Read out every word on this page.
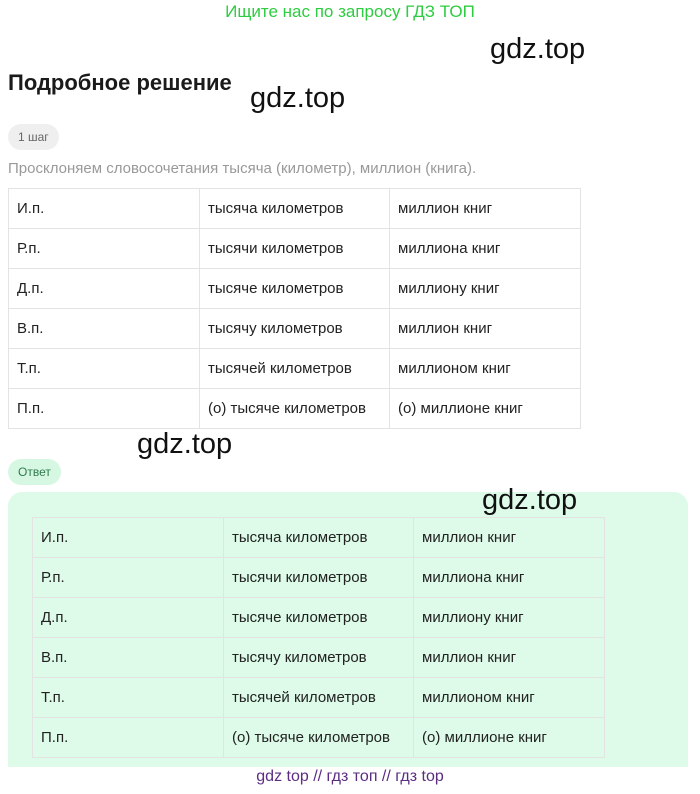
Ищите нас по запросу ГДЗ ТОП
gdz.top
gdz.top
Подробное решение
1 шаг
Просклоняем словосочетания тысяча (километр), миллион (книга).
И.п.	тысяча километров	миллион книг
Р.п.	тысячи километров	миллиона книг
Д.п.	тысяче километров	миллиону книг
В.п.	тысячу километров	миллион книг
Т.п.	тысячей километров	миллионом книг
П.п.	(о) тысяче километров	(о) миллионе книг
gdz.top
Ответ
gdz.top
И.п.	тысяча километров	миллион книг
Р.п.	тысячи километров	миллиона книг
Д.п.	тысяче километров	миллиону книг
В.п.	тысячу километров	миллион книг
Т.п.	тысячей километров	миллионом книг
П.п.	(о) тысяче километров	(о) миллионе книг
gdz top // гдз топ // гдз top
